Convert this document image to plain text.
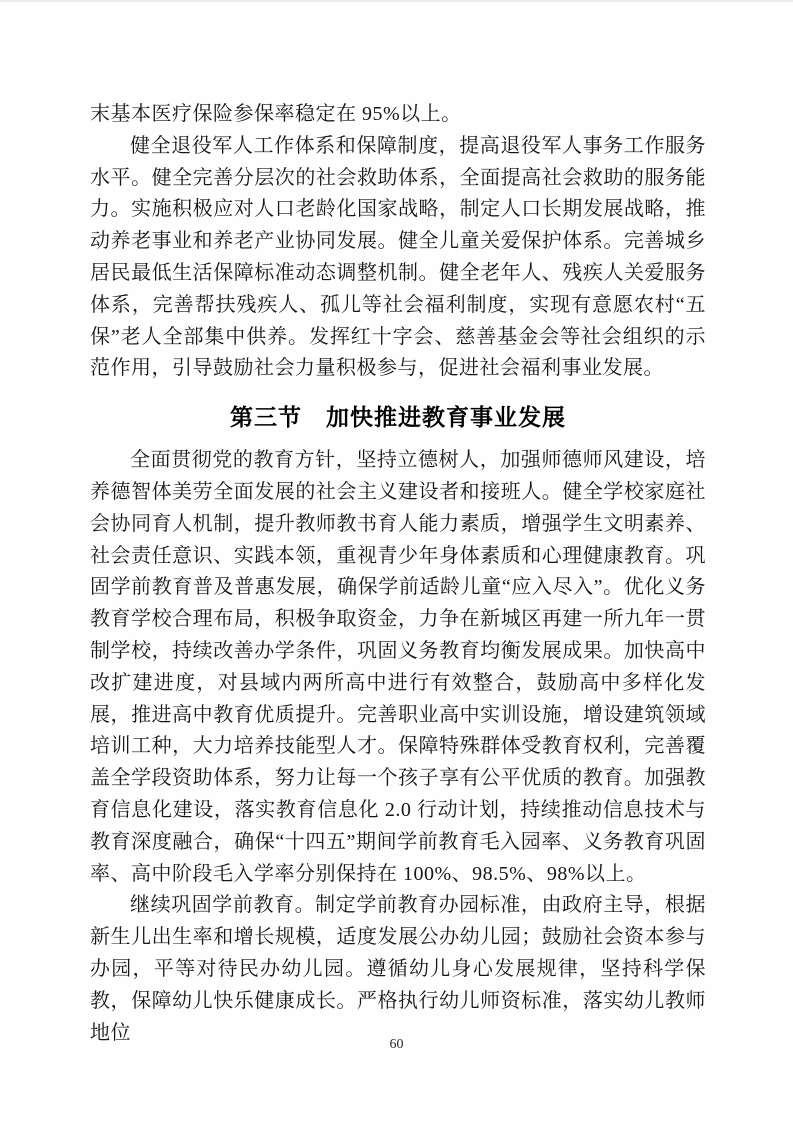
末基本医疗保险参保率稳定在 95%以上。

健全退役军人工作体系和保障制度，提高退役军人事务工作服务水平。健全完善分层次的社会救助体系，全面提高社会救助的服务能力。实施积极应对人口老龄化国家战略，制定人口长期发展战略，推动养老事业和养老产业协同发展。健全儿童关爱保护体系。完善城乡居民最低生活保障标准动态调整机制。健全老年人、残疾人关爱服务体系，完善帮扶残疾人、孤儿等社会福利制度，实现有意愿农村“五保”老人全部集中供养。发挥红十字会、慈善基金会等社会组织的示范作用，引导鼓励社会力量积极参与，促进社会福利事业发展。

第三节　加快推进教育事业发展

全面贯彻党的教育方针，坚持立德树人，加强师德师风建设，培养德智体美劳全面发展的社会主义建设者和接班人。健全学校家庭社会协同育人机制，提升教师教书育人能力素质，增强学生文明素养、社会责任意识、实践本领，重视青少年身体素质和心理健康教育。巩固学前教育普及普惠发展，确保学前适龄儿童“应入尽入”。优化义务教育学校合理布局，积极争取资金，力争在新城区再建一所九年一贯制学校，持续改善办学条件，巩固义务教育均衡发展成果。加快高中改扩建进度，对县域内两所高中进行有效整合，鼓励高中多样化发展，推进高中教育优质提升。完善职业高中实训设施，增设建筑领域培训工种，大力培养技能型人才。保障特殊群体受教育权利，完善覆盖全学段资助体系，努力让每一个孩子享有公平优质的教育。加强教育信息化建设，落实教育信息化 2.0 行动计划，持续推动信息技术与教育深度融合，确保“十四五”期间学前教育毛入园率、义务教育巩固率、高中阶段毛入学率分别保持在 100%、98.5%、98%以上。

继续巩固学前教育。制定学前教育办园标准，由政府主导，根据新生儿出生率和增长规模，适度发展公办幼儿园；鼓励社会资本参与办园，平等对待民办幼儿园。遵循幼儿身心发展规律，坚持科学保教，保障幼儿快乐健康成长。严格执行幼儿师资标准，落实幼儿教师地位

60
